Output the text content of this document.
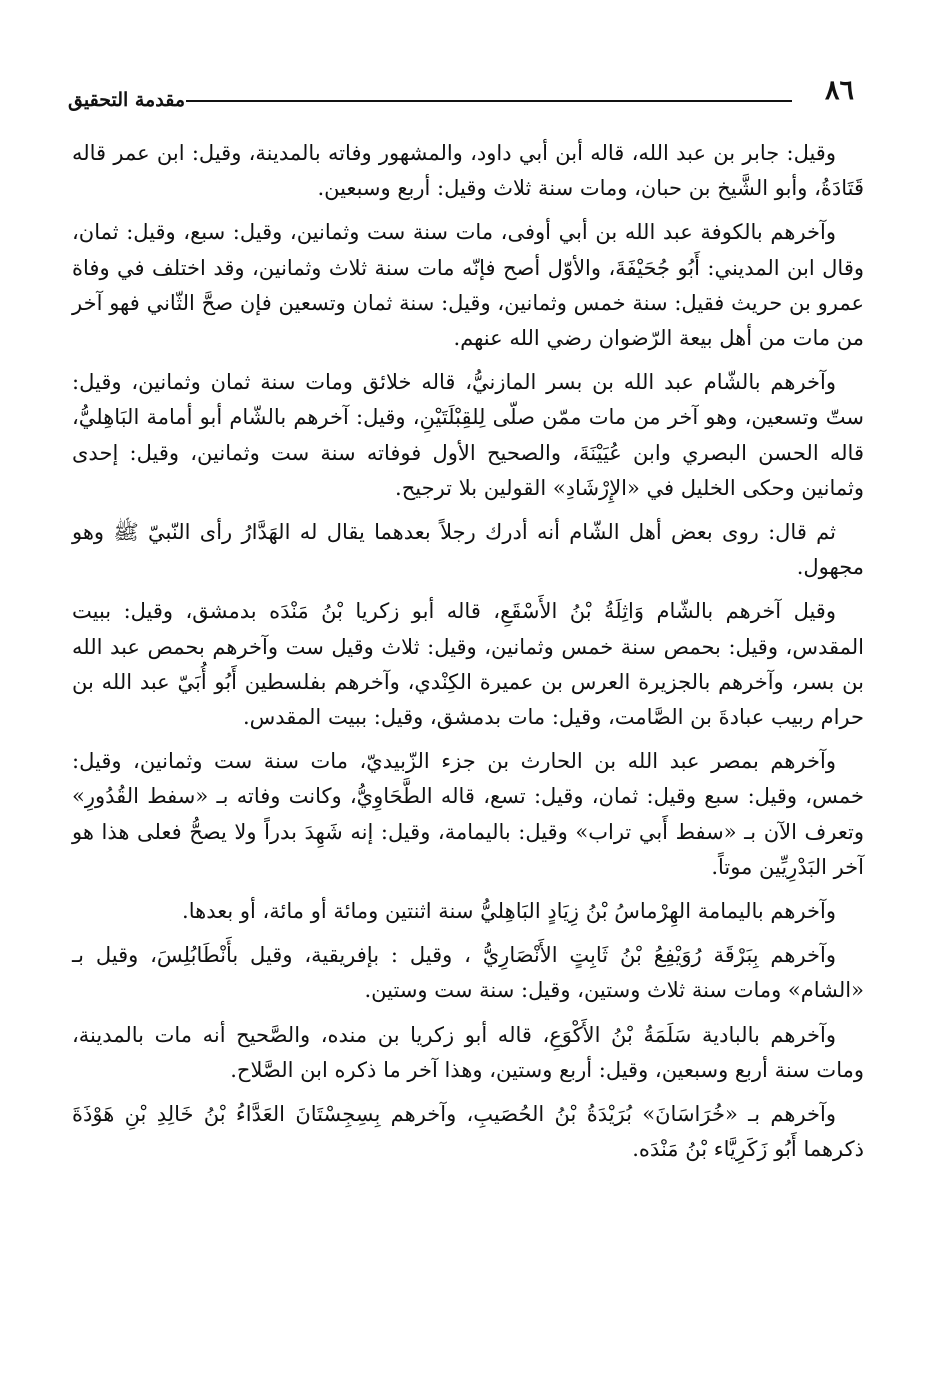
٨٦
مقدمة التحقيق

وقيل: جابر بن عبد الله، قاله أبن أبي داود، والمشهور وفاته بالمدينة، وقيل: ابن عمر قاله قَتَادَةُ، وأبو الشَّيخ بن حبان، ومات سنة ثلاث وقيل: أربع وسبعين.

وآخرهم بالكوفة عبد الله بن أبي أوفى، مات سنة ست وثمانين، وقيل: سبع، وقيل: ثمان، وقال ابن المديني: أَبُو جُحَيْفَةَ، والأوّل أصح فإنّه مات سنة ثلاث وثمانين، وقد اختلف في وفاة عمرو بن حريث فقيل: سنة خمس وثمانين، وقيل: سنة ثمان وتسعين فإن صحَّ الثّاني فهو آخر من مات من أهل بيعة الرّضوان رضي الله عنهم.

وآخرهم بالشّام عبد الله بن بسر المازنيُّ، قاله خلائق ومات سنة ثمان وثمانين، وقيل: ستّ وتسعين، وهو آخر من مات ممّن صلّى لِلقِبْلَتَيْنِ، وقيل: آخرهم بالشّام أبو أمامة البَاهِليُّ، قاله الحسن البصري وابن عُيَيْنَةَ، والصحيح الأول فوفاته سنة ست وثمانين، وقيل: إحدى وثمانين وحكى الخليل في «الإِرْشَادِ» القولين بلا ترجيح.

ثم قال: روى بعض أهل الشّام أنه أدرك رجلاً بعدهما يقال له الهَدَّارُ رأى النّبيّ ﷺ وهو مجهول.

وقيل آخرهم بالشّام وَاثِلَةُ بْنُ الأَسْقَعِ، قاله أبو زكريا بْنُ مَنْدَه بدمشق، وقيل: ببيت المقدس، وقيل: بحمص سنة خمس وثمانين، وقيل: ثلاث وقيل ست وآخرهم بحمص عبد الله بن بسر، وآخرهم بالجزيرة العرس بن عميرة الكِنْدي، وآخرهم بفلسطين أَبُو أُبَيّ عبد الله بن حرام ربيب عبادةَ بن الصَّامت، وقيل: مات بدمشق، وقيل: ببيت المقدس.

وآخرهم بمصر عبد الله بن الحارث بن جزء الزّبيديّ، مات سنة ست وثمانين، وقيل: خمس، وقيل: سبع وقيل: ثمان، وقيل: تسع، قاله الطَّحَاوِيُّ، وكانت وفاته بـ «سفط القُدُورِ» وتعرف الآن بـ «سفط أَبي تراب» وقيل: باليمامة، وقيل: إنه شَهِدَ بدراً ولا يصحُّ فعلى هذا هو آخر البَدْرِيِّين موتاً.

وآخرهم باليمامة الهِرْماسُ بْنُ زِيَادٍ البَاهِليُّ سنة اثنتين ومائة أو مائة، أو بعدها.

وآخرهم بِبَرْقَة رُوَيْفِعُ بْنُ ثَابِتٍ الأَنْصَارِيُّ ، وقيل : بإفريقية، وقيل بأَنْطَابُلِسَ، وقيل بـ «الشام» ومات سنة ثلاث وستين، وقيل: سنة ست وستين.

وآخرهم بالبادية سَلَمَةُ بْنُ الأَكْوَعِ، قاله أبو زكريا بن منده، والصَّحيح أنه مات بالمدينة، ومات سنة أربع وسبعين، وقيل: أربع وستين، وهذا آخر ما ذكره ابن الصَّلاح.

وآخرهم بـ «خُرَاسَانَ» بُرَيْدَةُ بْنُ الحُصَيبِ، وآخرهم بِسِجِسْتَانَ العَدَّاءُ بْنُ خَالِدِ بْنِ هَوْذَةَ ذكرهما أَبُو زَكَرِيَّاء بْنُ مَنْدَه.
